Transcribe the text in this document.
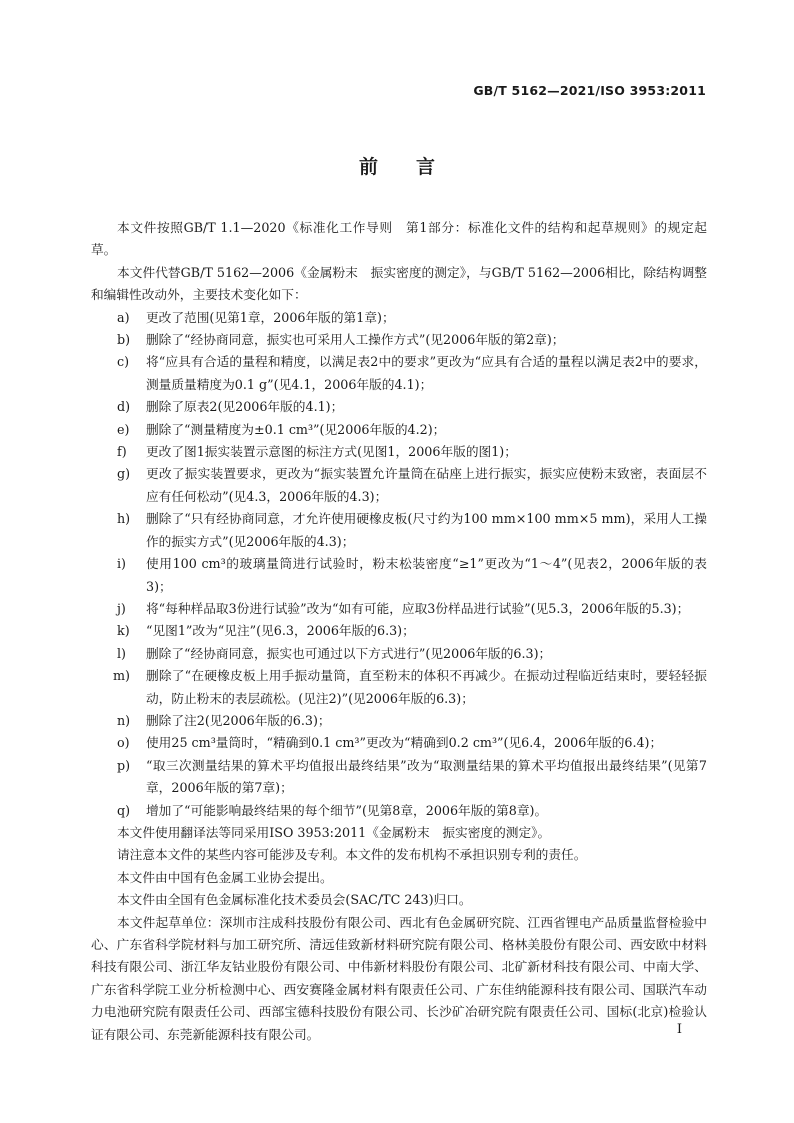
GB/T 5162—2021/ISO 3953:2011
前言

本文件按照GB/T 1.1—2020《标准化工作导则　第1部分：标准化文件的结构和起草规则》的规定起草。

本文件代替GB/T 5162—2006《金属粉末　振实密度的测定》，与GB/T 5162—2006相比，除结构调整和编辑性改动外，主要技术变化如下：

a) 更改了范围(见第1章，2006年版的第1章)；

b) 删除了“经协商同意，振实也可采用人工操作方式”(见2006年版的第2章)；

c) 将“应具有合适的量程和精度，以满足表2中的要求”更改为“应具有合适的量程以满足表2中的要求，测量质量精度为0.1 g”(见4.1，2006年版的4.1)；

d) 删除了原表2(见2006年版的4.1)；

e) 删除了“测量精度为±0.1 cm³”(见2006年版的4.2)；

f) 更改了图1振实装置示意图的标注方式(见图1，2006年版的图1)；

g) 更改了振实装置要求，更改为“振实装置允许量筒在砧座上进行振实，振实应使粉末致密，表面层不应有任何松动”(见4.3，2006年版的4.3)；

h) 删除了“只有经协商同意，才允许使用硬橡皮板(尺寸约为100 mm×100 mm×5 mm)，采用人工操作的振实方式”(见2006年版的4.3)；

i) 使用100 cm³的玻璃量筒进行试验时，粉末松装密度“≥1”更改为“1～4”(见表2，2006年版的表3)；

j) 将“每种样品取3份进行试验”改为“如有可能，应取3份样品进行试验”(见5.3，2006年版的5.3)；

k) “见图1”改为“见注”(见6.3，2006年版的6.3)；

l) 删除了“经协商同意，振实也可通过以下方式进行”(见2006年版的6.3)；

m) 删除了“在硬橡皮板上用手振动量筒，直至粉末的体积不再减少。在振动过程临近结束时，要轻轻振动，防止粉末的表层疏松。(见注2)”(见2006年版的6.3)；

n) 删除了注2(见2006年版的6.3)；

o) 使用25 cm³量筒时，“精确到0.1 cm³”更改为“精确到0.2 cm³”(见6.4，2006年版的6.4)；

p) “取三次测量结果的算术平均值报出最终结果”改为“取测量结果的算术平均值报出最终结果”(见第7章，2006年版的第7章)；

q) 增加了“可能影响最终结果的每个细节”(见第8章，2006年版的第8章)。

本文件使用翻译法等同采用ISO 3953:2011《金属粉末　振实密度的测定》。

请注意本文件的某些内容可能涉及专利。本文件的发布机构不承担识别专利的责任。

本文件由中国有色金属工业协会提出。

本文件由全国有色金属标准化技术委员会(SAC/TC 243)归口。

本文件起草单位：深圳市注成科技股份有限公司、西北有色金属研究院、江西省锂电产品质量监督检验中心、广东省科学院材料与加工研究所、清远佳致新材料研究院有限公司、格林美股份有限公司、西安欧中材料科技有限公司、浙江华友钴业股份有限公司、中伟新材料股份有限公司、北矿新材科技有限公司、中南大学、广东省科学院工业分析检测中心、西安赛隆金属材料有限责任公司、广东佳纳能源科技有限公司、国联汽车动力电池研究院有限责任公司、西部宝德科技股份有限公司、长沙矿冶研究院有限责任公司、国标(北京)检验认证有限公司、东莞新能源科技有限公司。	I
